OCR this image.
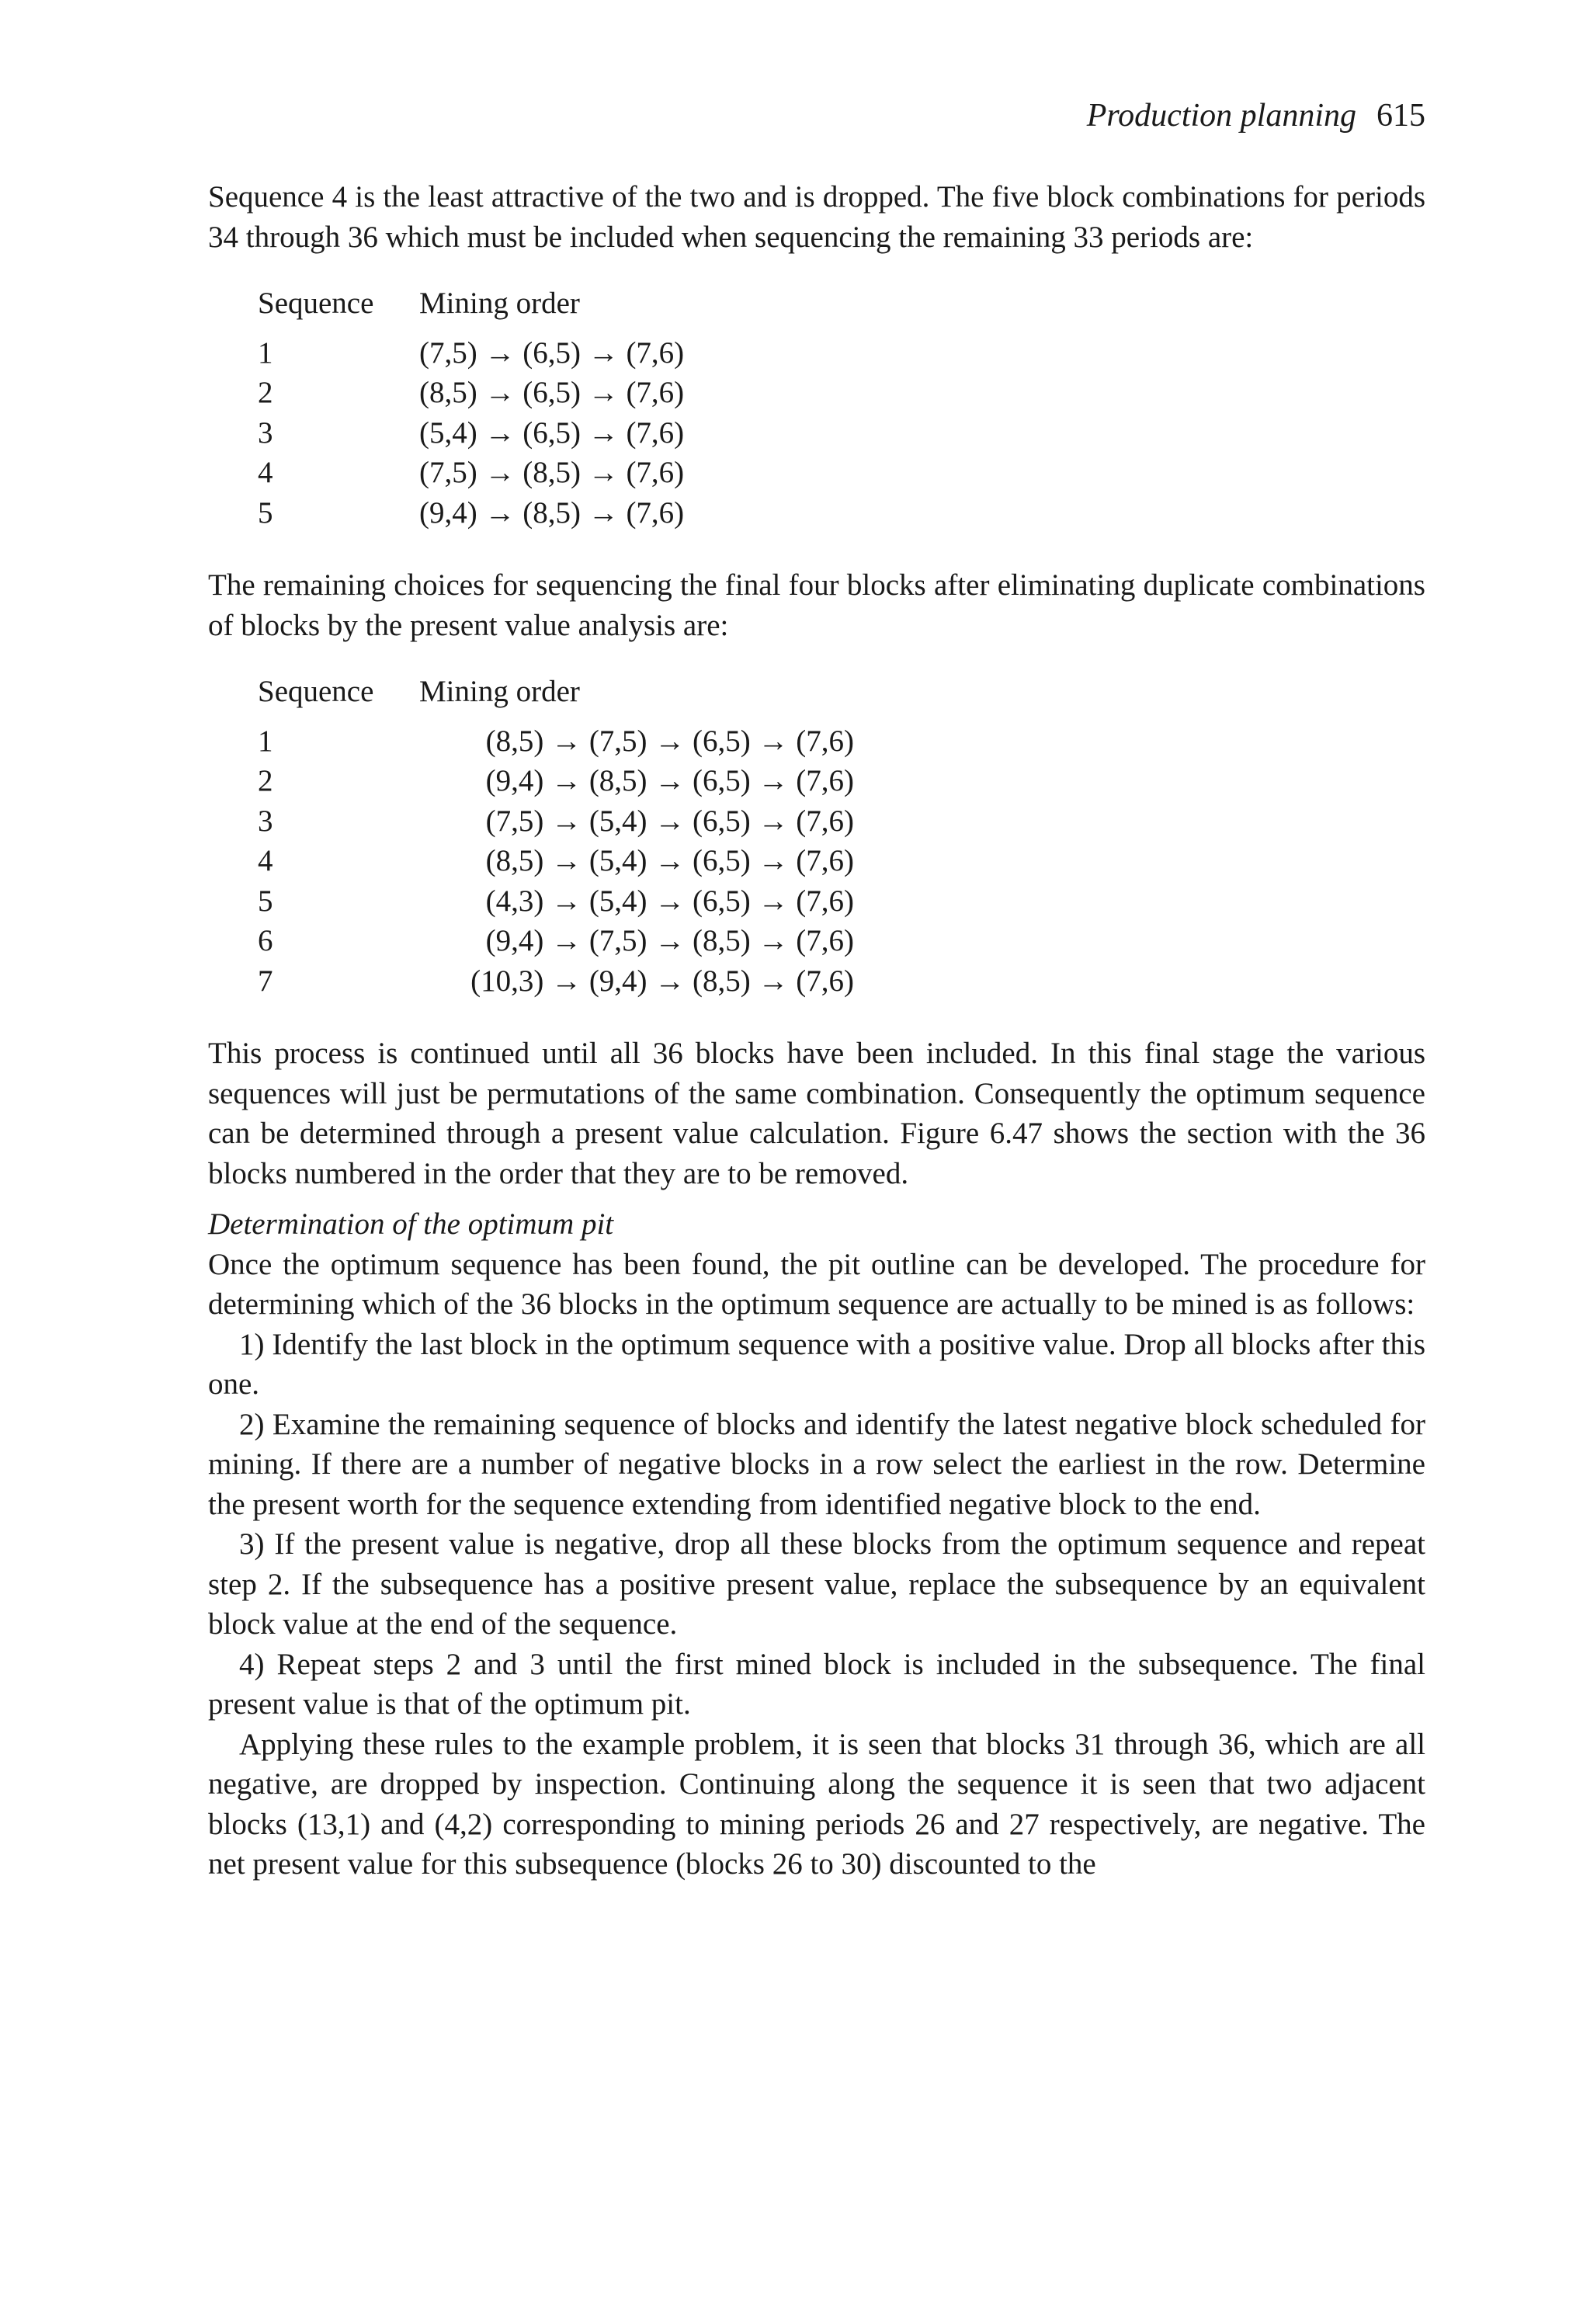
Production planning 615

Sequence 4 is the least attractive of the two and is dropped. The five block combinations for periods 34 through 36 which must be included when sequencing the remaining 33 periods are:

Sequence	Mining order
1	(7,5) → (6,5) → (7,6)
2	(8,5) → (6,5) → (7,6)
3	(5,4) → (6,5) → (7,6)
4	(7,5) → (8,5) → (7,6)
5	(9,4) → (8,5) → (7,6)

The remaining choices for sequencing the final four blocks after eliminating duplicate combinations of blocks by the present value analysis are:

Sequence	Mining order
1	(8,5) → (7,5) → (6,5) → (7,6)
2	(9,4) → (8,5) → (6,5) → (7,6)
3	(7,5) → (5,4) → (6,5) → (7,6)
4	(8,5) → (5,4) → (6,5) → (7,6)
5	(4,3) → (5,4) → (6,5) → (7,6)
6	(9,4) → (7,5) → (8,5) → (7,6)
7	(10,3) → (9,4) → (8,5) → (7,6)

This process is continued until all 36 blocks have been included. In this final stage the various sequences will just be permutations of the same combination. Consequently the optimum sequence can be determined through a present value calculation. Figure 6.47 shows the section with the 36 blocks numbered in the order that they are to be removed.

Determination of the optimum pit

Once the optimum sequence has been found, the pit outline can be developed. The procedure for determining which of the 36 blocks in the optimum sequence are actually to be mined is as follows:

1) Identify the last block in the optimum sequence with a positive value. Drop all blocks after this one.

2) Examine the remaining sequence of blocks and identify the latest negative block scheduled for mining. If there are a number of negative blocks in a row select the earliest in the row. Determine the present worth for the sequence extending from identified negative block to the end.

3) If the present value is negative, drop all these blocks from the optimum sequence and repeat step 2. If the subsequence has a positive present value, replace the subsequence by an equivalent block value at the end of the sequence.

4) Repeat steps 2 and 3 until the first mined block is included in the subsequence. The final present value is that of the optimum pit.

Applying these rules to the example problem, it is seen that blocks 31 through 36, which are all negative, are dropped by inspection. Continuing along the sequence it is seen that two adjacent blocks (13,1) and (4,2) corresponding to mining periods 26 and 27 respectively, are negative. The net present value for this subsequence (blocks 26 to 30) discounted to the
